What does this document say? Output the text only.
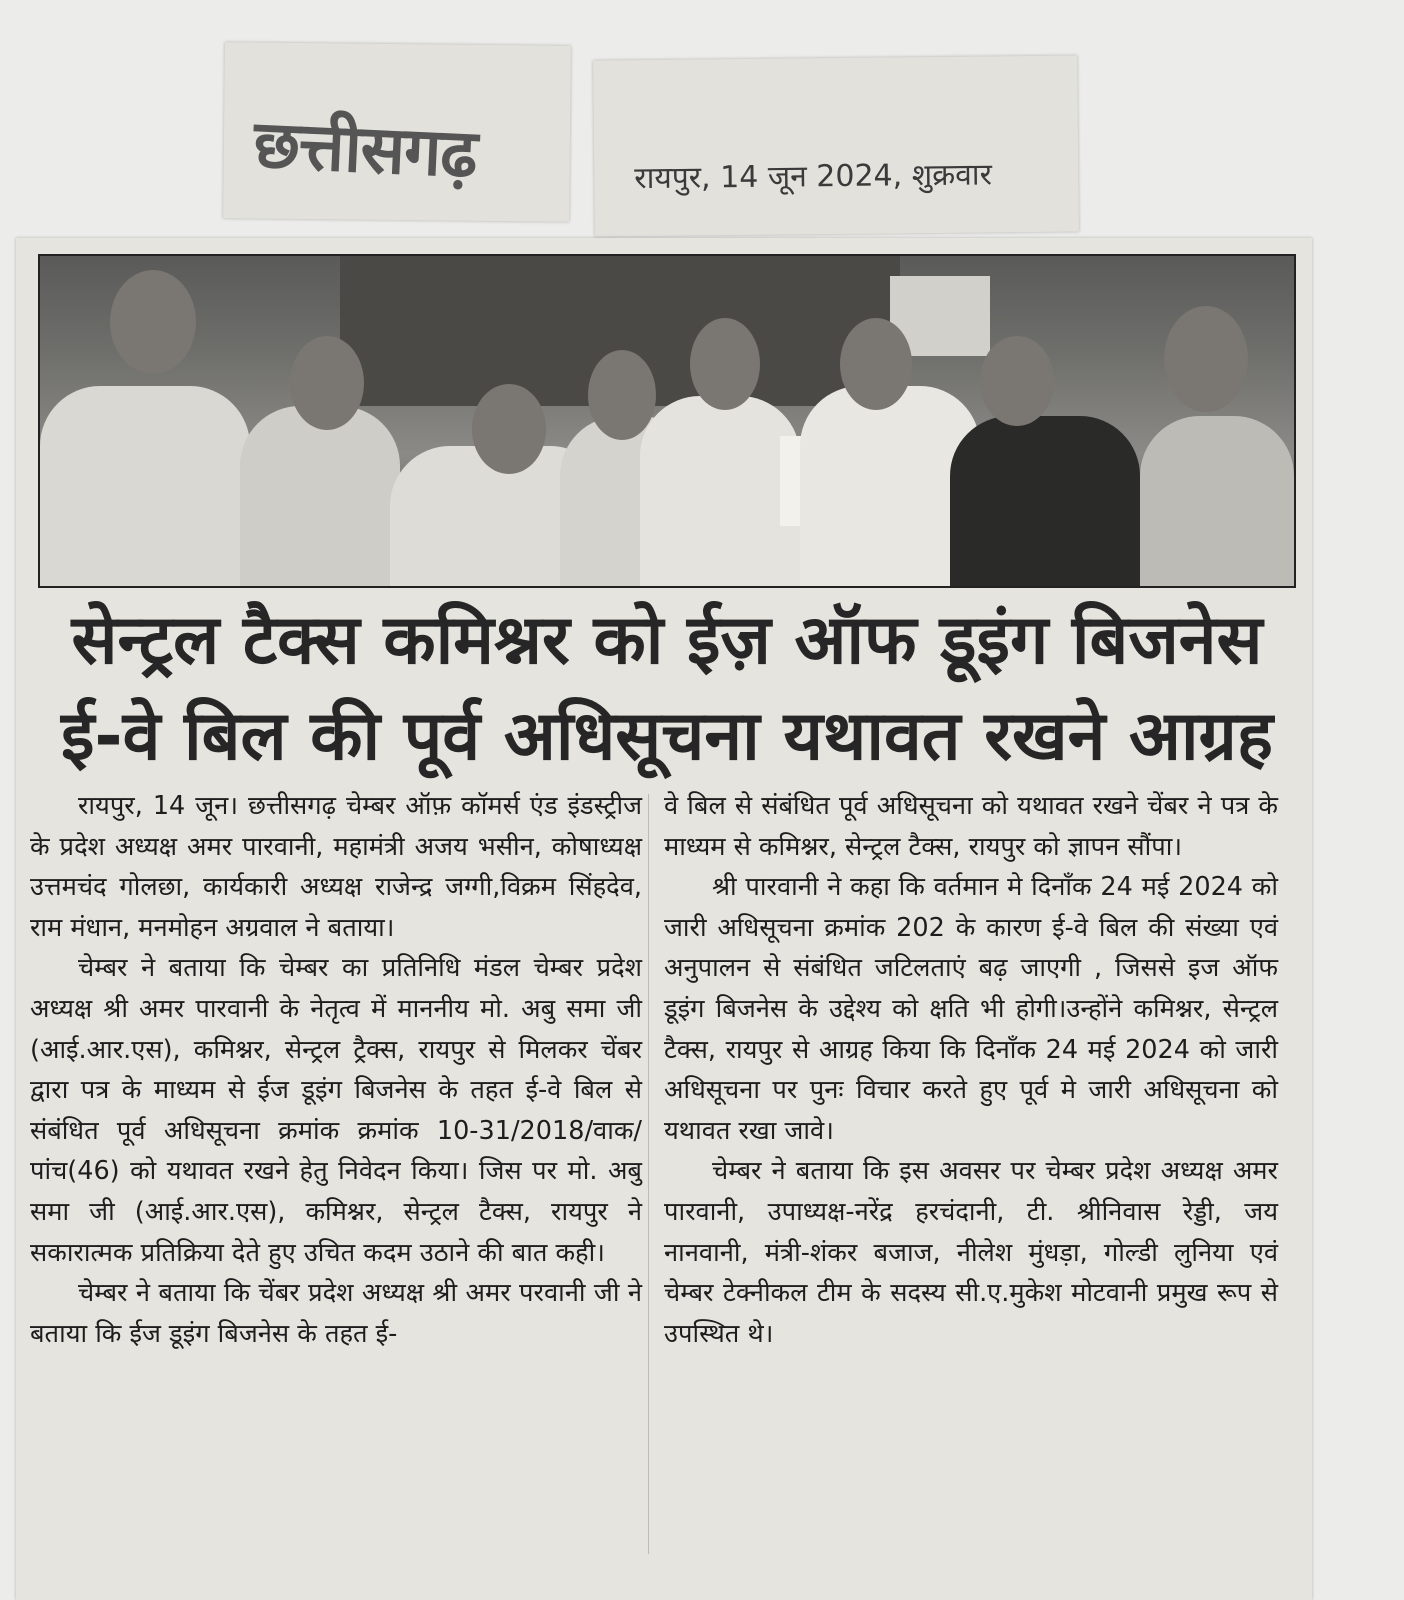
छत्तीसगढ़	रायपुर, 14 जून 2024, शुक्रवार
सेन्ट्रल टैक्स कमिश्नर को ईज़ ऑफ डूइंग बिजनेस
ई-वे बिल की पूर्व अधिसूचना यथावत रखने आग्रह

रायपुर, 14 जून। छत्तीसगढ़ चेम्बर ऑफ़ कॉमर्स एंड इंडस्ट्रीज के प्रदेश अध्यक्ष अमर पारवानी, महामंत्री अजय भसीन, कोषाध्यक्ष उत्तमचंद गोलछा, कार्यकारी अध्यक्ष राजेन्द्र जग्गी,विक्रम सिंहदेव, राम मंधान, मनमोहन अग्रवाल ने बताया।

चेम्बर ने बताया कि चेम्बर का प्रतिनिधि मंडल चेम्बर प्रदेश अध्यक्ष श्री अमर पारवानी के नेतृत्व में माननीय मो. अबु समा जी (आई.आर.एस), कमिश्नर, सेन्ट्रल ट्रैक्स, रायपुर से मिलकर चेंबर द्वारा पत्र के माध्यम से ईज डूइंग बिजनेस के तहत ई-वे बिल से संबंधित पूर्व अधिसूचना क्रमांक क्रमांक 10-31/2018/वाक/पांच(46) को यथावत रखने हेतु निवेदन किया। जिस पर मो. अबु समा जी (आई.आर.एस), कमिश्नर, सेन्ट्रल टैक्स, रायपुर ने सकारात्मक प्रतिक्रिया देते हुए उचित कदम उठाने की बात कही।

चेम्बर ने बताया कि चेंबर प्रदेश अध्यक्ष श्री अमर परवानी जी ने बताया कि ईज डूइंग बिजनेस के तहत ई-

वे बिल से संबंधित पूर्व अधिसूचना को यथावत रखने चेंबर ने पत्र के माध्यम से कमिश्नर, सेन्ट्रल टैक्स, रायपुर को ज्ञापन सौंपा।

श्री पारवानी ने कहा कि वर्तमान मे दिनाँक 24 मई 2024 को जारी अधिसूचना क्रमांक 202 के कारण ई-वे बिल की संख्या एवं अनुपालन से संबंधित जटिलताएं बढ़ जाएगी , जिससे इज ऑफ डूइंग बिजनेस के उद्देश्य को क्षति भी होगी।उन्होंने कमिश्नर, सेन्ट्रल टैक्स, रायपुर से आग्रह किया कि दिनाँक 24 मई 2024 को जारी अधिसूचना पर पुनः विचार करते हुए पूर्व मे जारी अधिसूचना को यथावत रखा जावे।

चेम्बर ने बताया कि इस अवसर पर चेम्बर प्रदेश अध्यक्ष अमर पारवानी, उपाध्यक्ष-नरेंद्र हरचंदानी, टी. श्रीनिवास रेड्डी, जय नानवानी, मंत्री-शंकर बजाज, नीलेश मुंधड़ा, गोल्डी लुनिया एवं चेम्बर टेक्नीकल टीम के सदस्य सी.ए.मुकेश मोटवानी प्रमुख रूप से उपस्थित थे।
